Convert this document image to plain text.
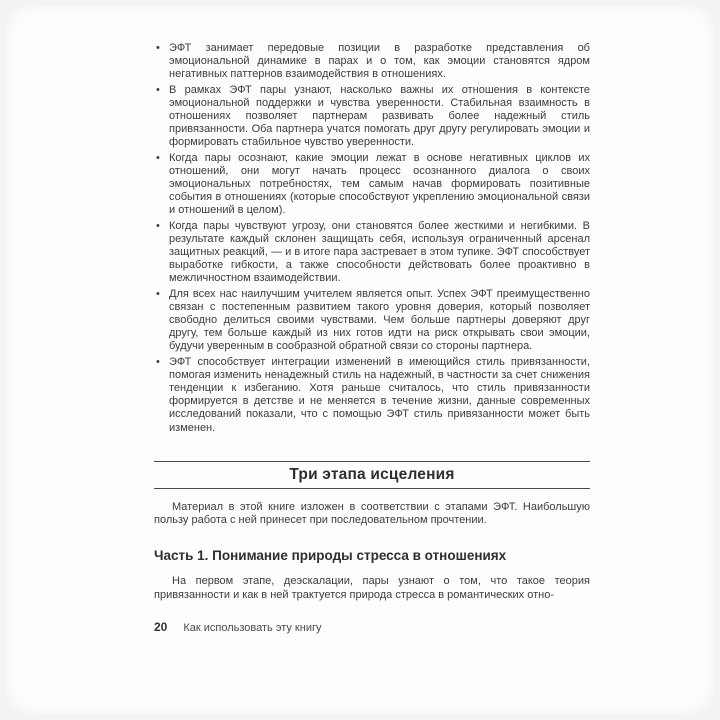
• ЭФТ занимает передовые позиции в разработке представления об эмоциональной динамике в парах и о том, как эмоции становятся ядром негативных паттернов взаимодействия в отношениях.
• В рамках ЭФТ пары узнают, насколько важны их отношения в контексте эмоциональной поддержки и чувства уверенности. Стабильная взаимность в отношениях позволяет партнерам развивать более надежный стиль привязанности. Оба партнера учатся помогать друг другу регулировать эмоции и формировать стабильное чувство уверенности.
• Когда пары осознают, какие эмоции лежат в основе негативных циклов их отношений, они могут начать процесс осознанного диалога о своих эмоциональных потребностях, тем самым начав формировать позитивные события в отношениях (которые способствуют укреплению эмоциональной связи и отношений в целом).
• Когда пары чувствуют угрозу, они становятся более жесткими и негибкими. В результате каждый склонен защищать себя, используя ограниченный арсенал защитных реакций, — и в итоге пара застревает в этом тупике. ЭФТ способствует выработке гибкости, а также способности действовать более проактивно в межличностном взаимодействии.
• Для всех нас наилучшим учителем является опыт. Успех ЭФТ преимущественно связан с постепенным развитием такого уровня доверия, который позволяет свободно делиться своими чувствами. Чем больше партнеры доверяют друг другу, тем больше каждый из них готов идти на риск открывать свои эмоции, будучи уверенным в сообразной обратной связи со стороны партнера.
• ЭФТ способствует интеграции изменений в имеющийся стиль привязанности, помогая изменить ненадежный стиль на надежный, в частности за счет снижения тенденции к избеганию. Хотя раньше считалось, что стиль привязанности формируется в детстве и не меняется в течение жизни, данные современных исследований показали, что с помощью ЭФТ стиль привязанности может быть изменен.
Три этапа исцеления

Материал в этой книге изложен в соответствии с этапами ЭФТ. Наибольшую пользу работа с ней принесет при последовательном прочтении.

Часть 1. Понимание природы стресса в отношениях

На первом этапе, деэскалации, пары узнают о том, что такое теория привязанности и как в ней трактуется природа стресса в романтических отно-

20 Как использовать эту книгу
